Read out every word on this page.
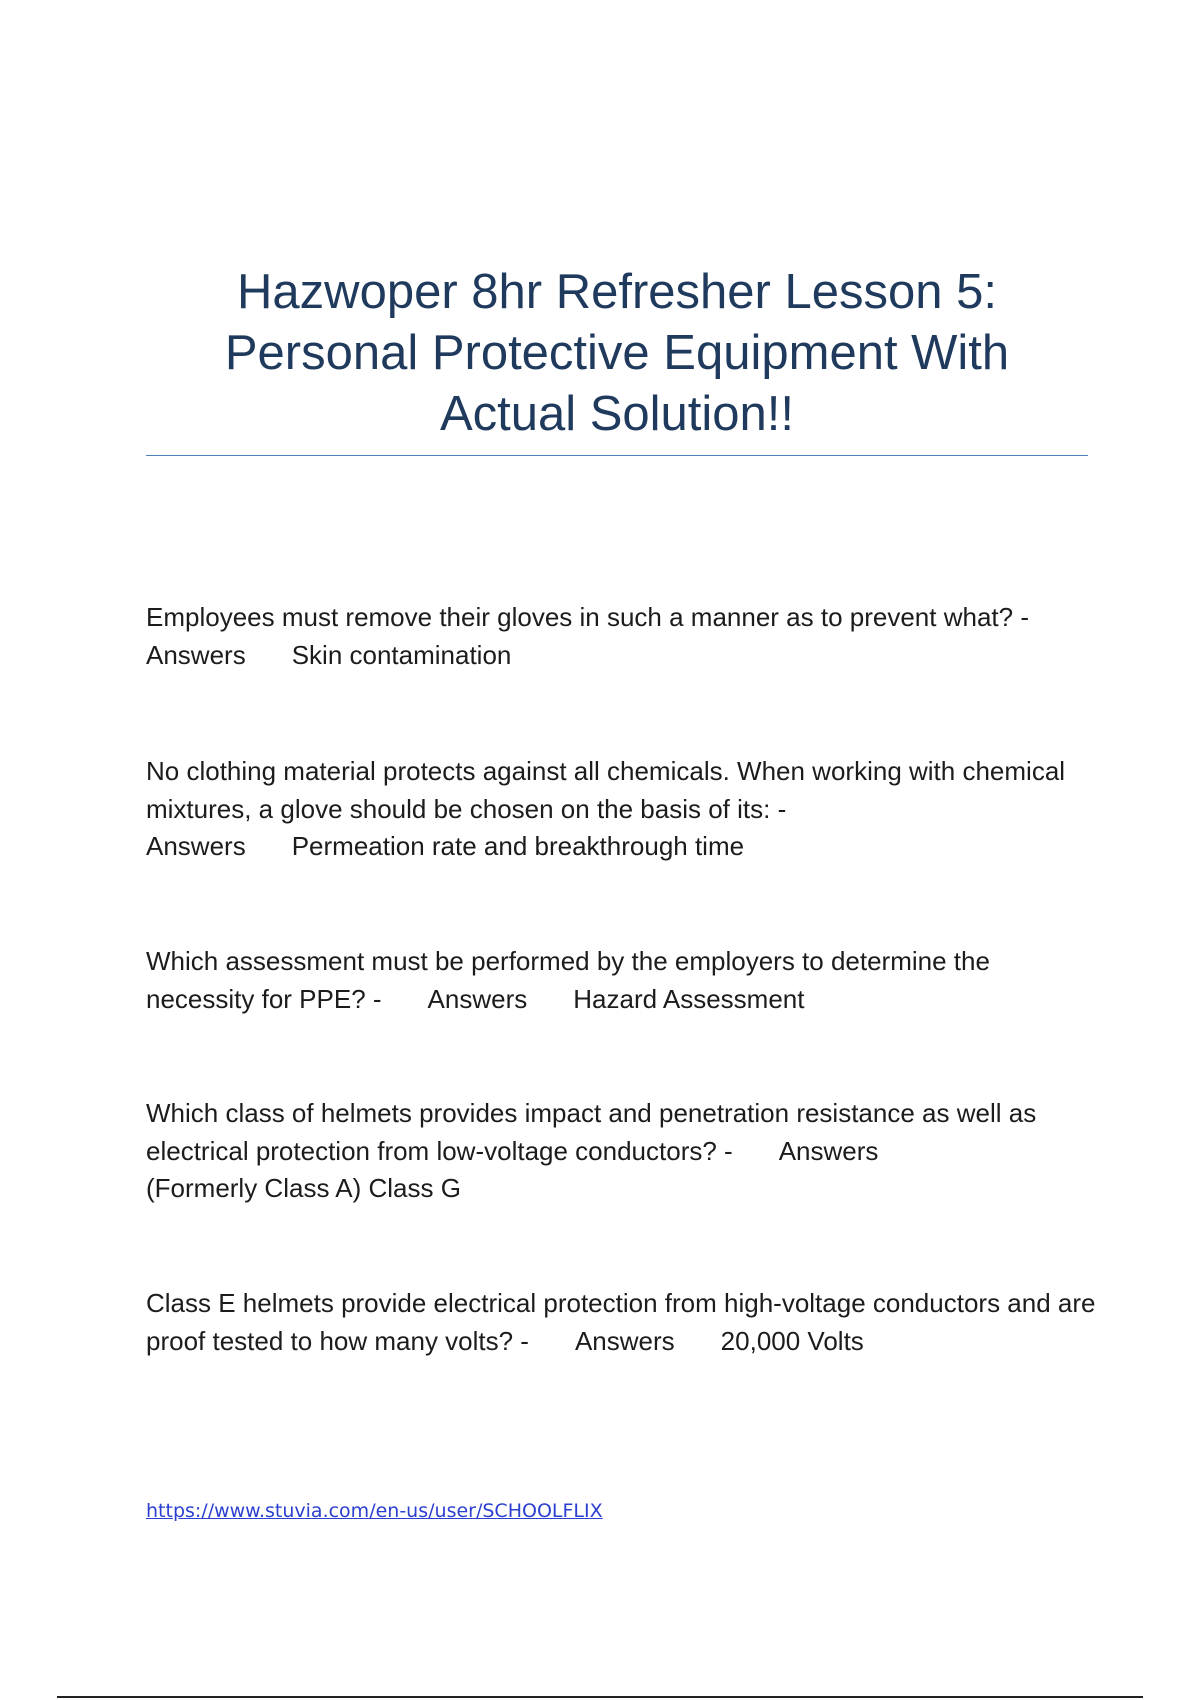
Hazwoper 8hr Refresher Lesson 5:
Personal Protective Equipment With
Actual Solution!!

Employees must remove their gloves in such a manner as to prevent what? -Answers Skin contamination

No clothing material protects against all chemicals. When working with chemical mixtures, a glove should be chosen on the basis of its: -
Answers Permeation rate and breakthrough time

Which assessment must be performed by the employers to determine the necessity for PPE? - Answers Hazard Assessment

Which class of helmets provides impact and penetration resistance as well as electrical protection from low-voltage conductors? - Answers
(Formerly Class A) Class G

Class E helmets provide electrical protection from high-voltage conductors and are proof tested to how many volts? - Answers 20,000 Volts

https://www.stuvia.com/en-us/user/SCHOOLFLIX
